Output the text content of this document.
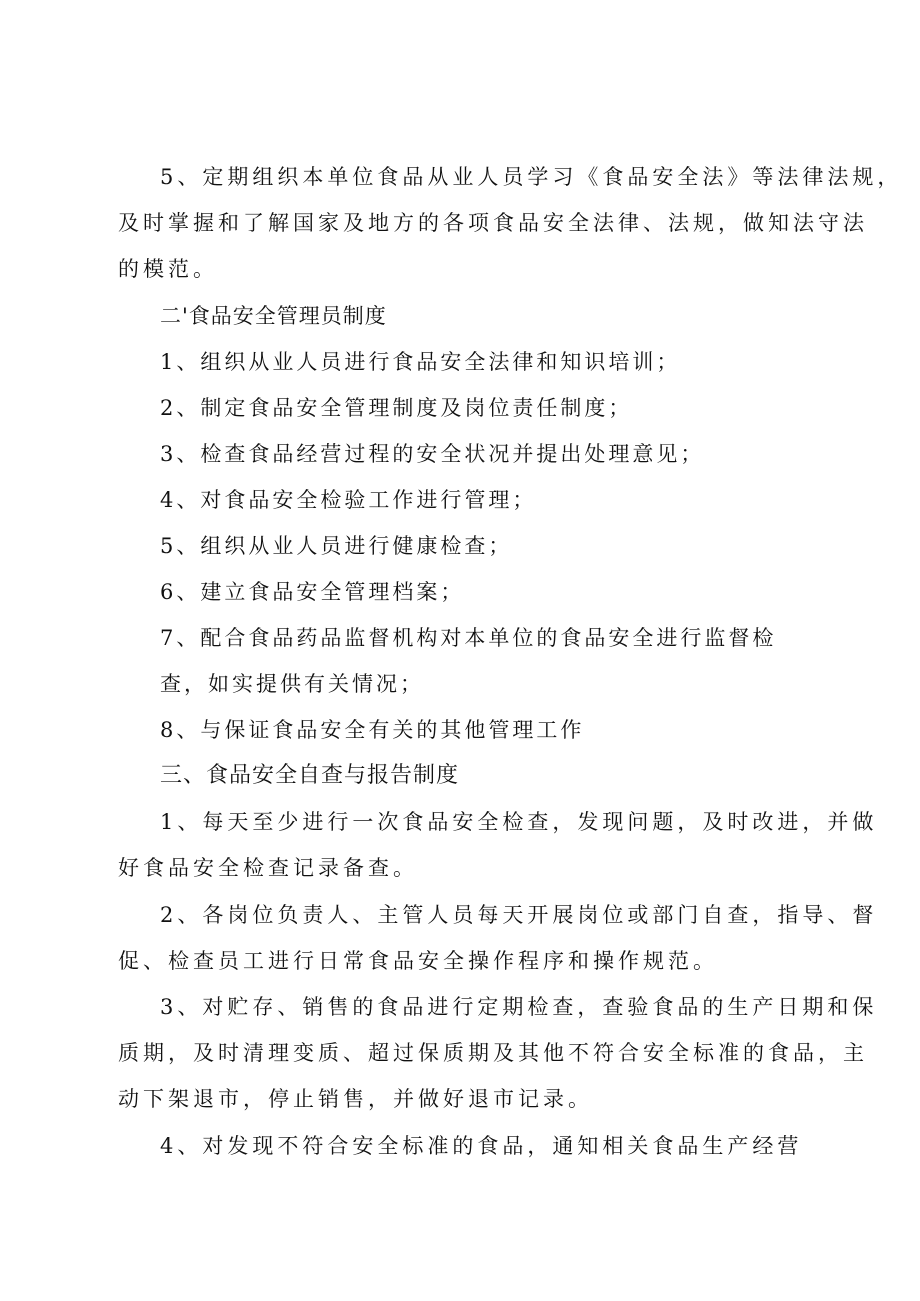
5、定期组织本单位食品从业人员学习《食品安全法》等法律法规，

及时掌握和了解国家及地方的各项食品安全法律、法规，做知法守法

的模范。

二'食品安全管理员制度

1、组织从业人员进行食品安全法律和知识培训；

2、制定食品安全管理制度及岗位责任制度；

3、检查食品经营过程的安全状况并提出处理意见；

4、对食品安全检验工作进行管理；

5、组织从业人员进行健康检查；

6、建立食品安全管理档案；

7、配合食品药品监督机构对本单位的食品安全进行监督检

查，如实提供有关情况；

8、与保证食品安全有关的其他管理工作

三、食品安全自查与报告制度

1、每天至少进行一次食品安全检查，发现问题，及时改进，并做

好食品安全检查记录备查。

2、各岗位负责人、主管人员每天开展岗位或部门自查，指导、督

促、检查员工进行日常食品安全操作程序和操作规范。

3、对贮存、销售的食品进行定期检查，查验食品的生产日期和保

质期，及时清理变质、超过保质期及其他不符合安全标准的食品，主

动下架退市，停止销售，并做好退市记录。

4、对发现不符合安全标准的食品，通知相关食品生产经营
